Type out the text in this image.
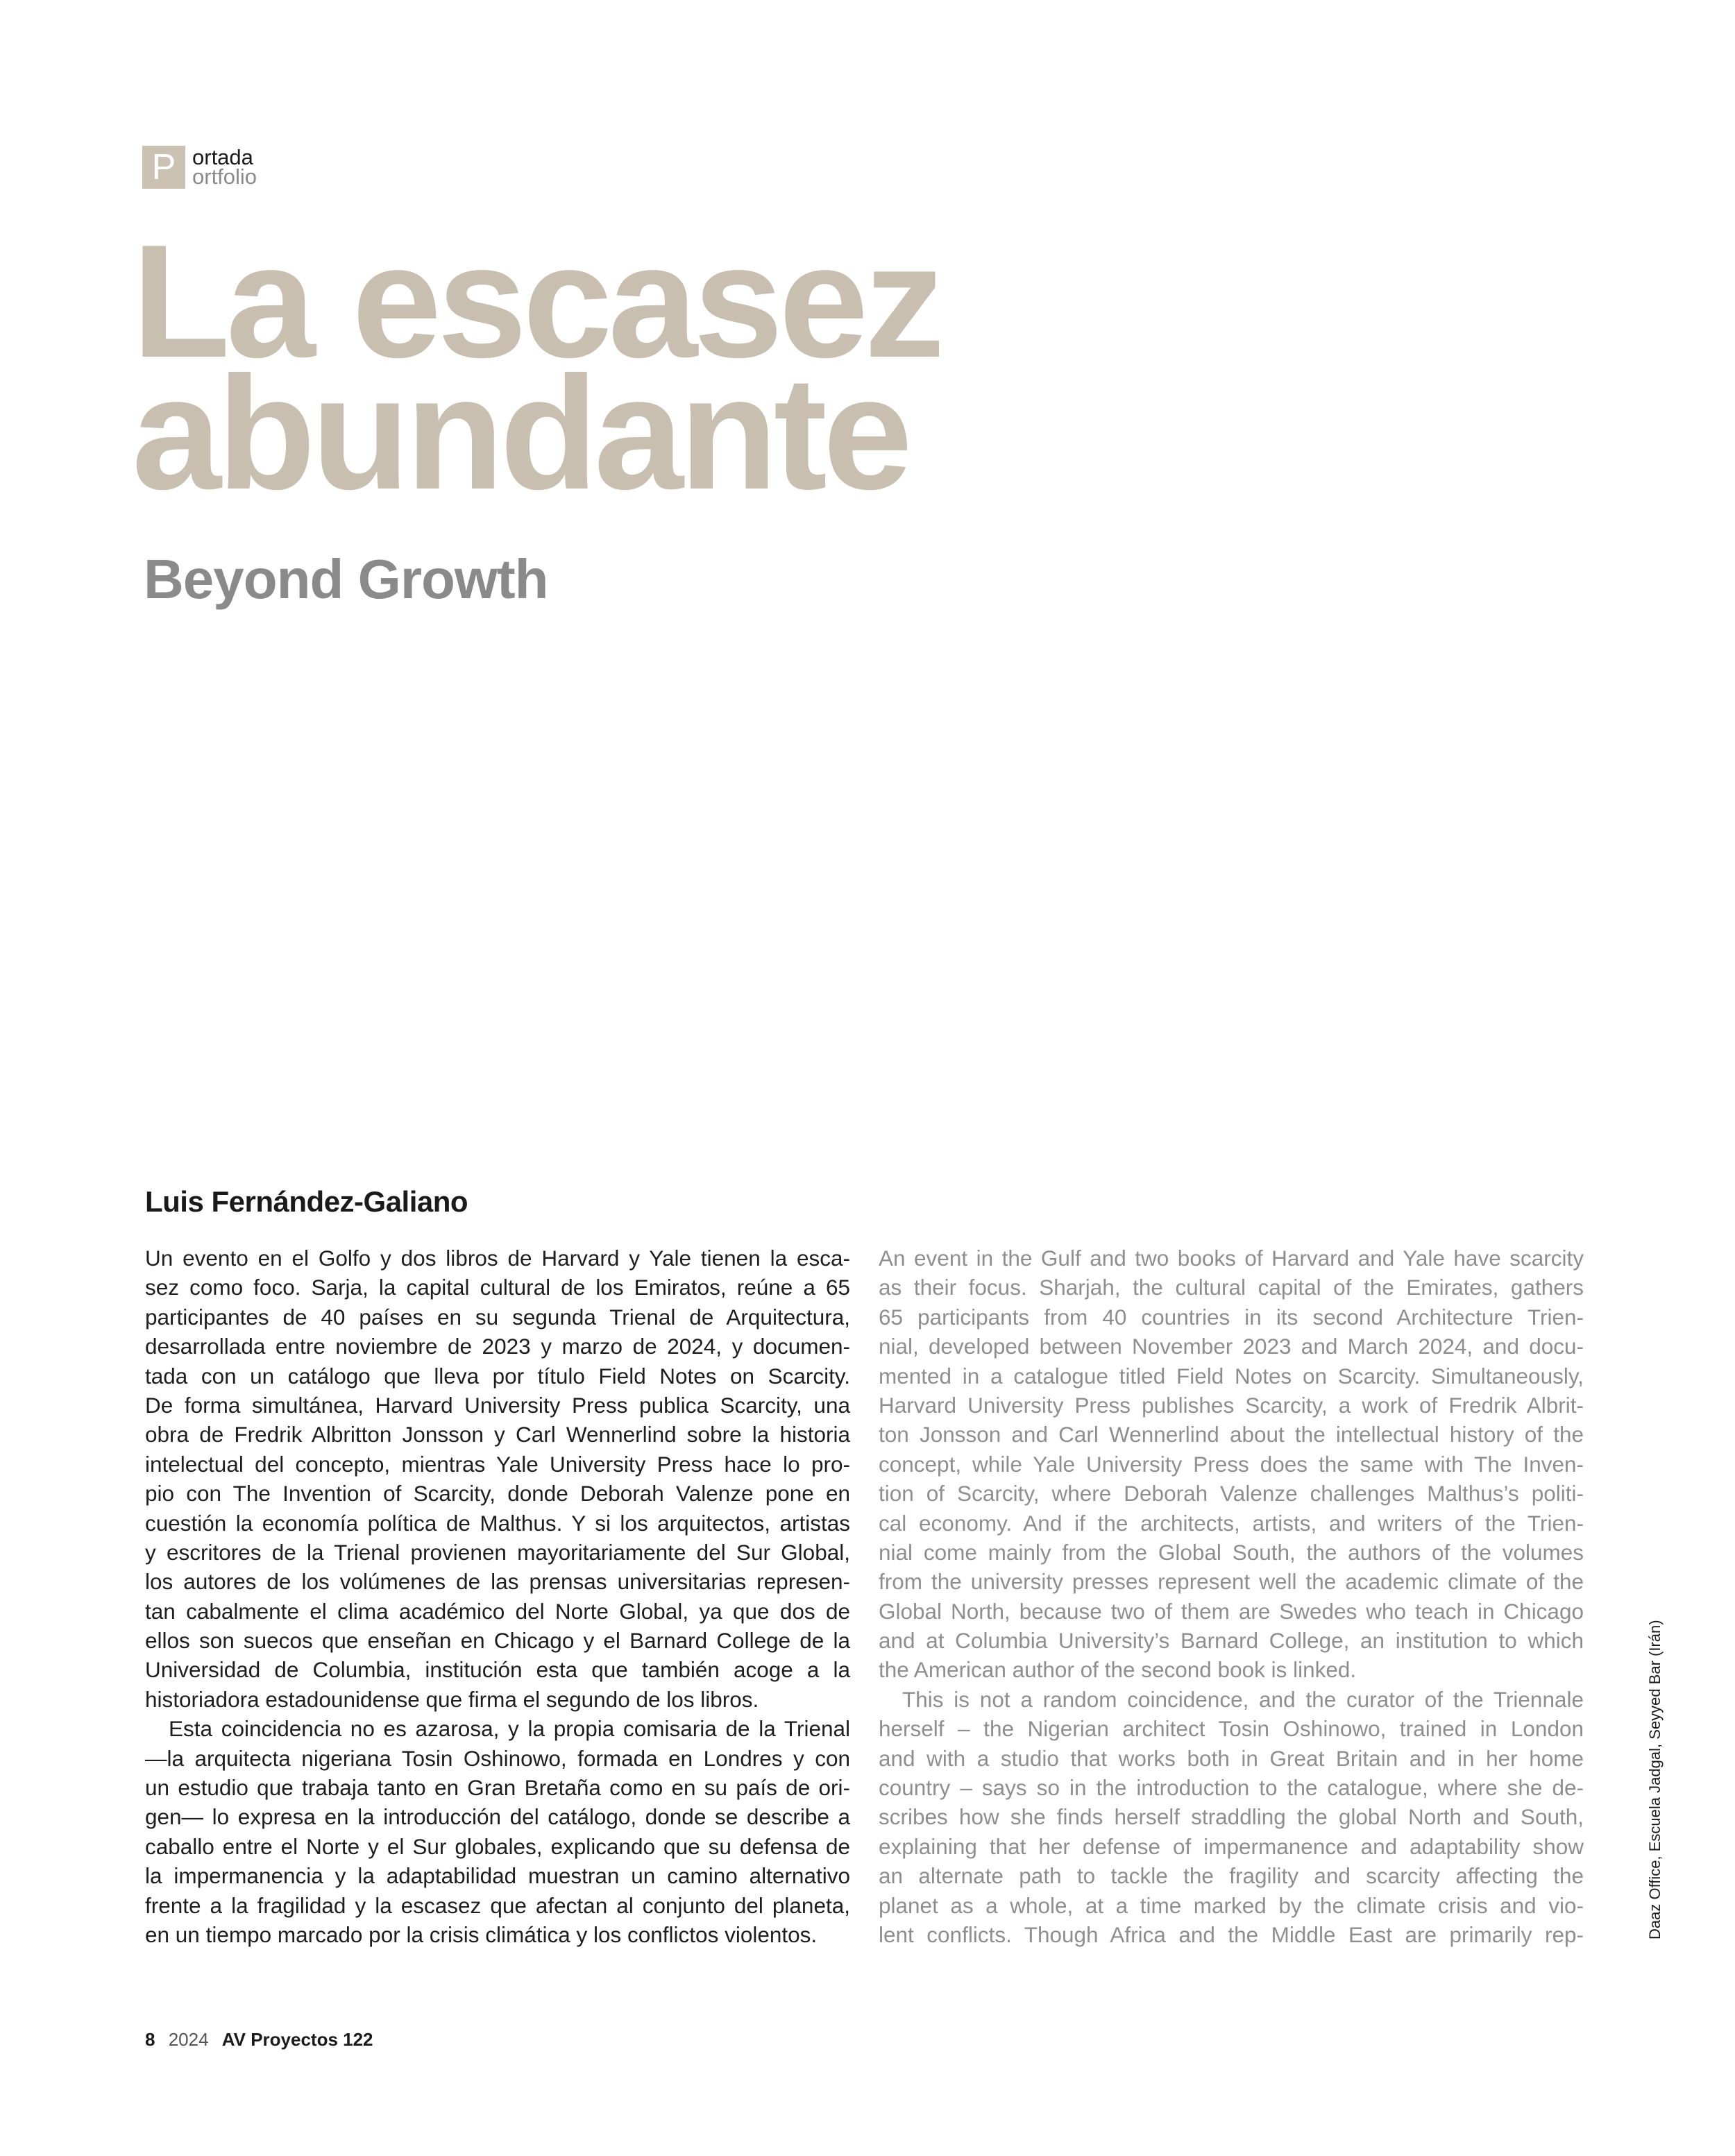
P ortada
ortfolio
La escasez
abundante
Beyond Growth
Luis Fernández-Galiano
Un evento en el Golfo y dos libros de Harvard y Yale tienen la esca-
sez como foco. Sarja, la capital cultural de los Emiratos, reúne a 65
participantes de 40 países en su segunda Trienal de Arquitectura,
desarrollada entre noviembre de 2023 y marzo de 2024, y documen-
tada con un catálogo que lleva por título Field Notes on Scarcity.
De forma simultánea, Harvard University Press publica Scarcity, una
obra de Fredrik Albritton Jonsson y Carl Wennerlind sobre la historia
intelectual del concepto, mientras Yale University Press hace lo pro-
pio con The Invention of Scarcity, donde Deborah Valenze pone en
cuestión la economía política de Malthus. Y si los arquitectos, artistas
y escritores de la Trienal provienen mayoritariamente del Sur Global,
los autores de los volúmenes de las prensas universitarias represen-
tan cabalmente el clima académico del Norte Global, ya que dos de
ellos son suecos que enseñan en Chicago y el Barnard College de la
Universidad de Columbia, institución esta que también acoge a la
historiadora estadounidense que firma el segundo de los libros.
Esta coincidencia no es azarosa, y la propia comisaria de la Trienal
—la arquitecta nigeriana Tosin Oshinowo, formada en Londres y con
un estudio que trabaja tanto en Gran Bretaña como en su país de ori-
gen— lo expresa en la introducción del catálogo, donde se describe a
caballo entre el Norte y el Sur globales, explicando que su defensa de
la impermanencia y la adaptabilidad muestran un camino alternativo
frente a la fragilidad y la escasez que afectan al conjunto del planeta,
en un tiempo marcado por la crisis climática y los conflictos violentos.
An event in the Gulf and two books of Harvard and Yale have scarcity
as their focus. Sharjah, the cultural capital of the Emirates, gathers
65 participants from 40 countries in its second Architecture Trien-
nial, developed between November 2023 and March 2024, and docu-
mented in a catalogue titled Field Notes on Scarcity. Simultaneously,
Harvard University Press publishes Scarcity, a work of Fredrik Albrit-
ton Jonsson and Carl Wennerlind about the intellectual history of the
concept, while Yale University Press does the same with The Inven-
tion of Scarcity, where Deborah Valenze challenges Malthus’s politi-
cal economy. And if the architects, artists, and writers of the Trien-
nial come mainly from the Global South, the authors of the volumes
from the university presses represent well the academic climate of the
Global North, because two of them are Swedes who teach in Chicago
and at Columbia University’s Barnard College, an institution to which
the American author of the second book is linked.
This is not a random coincidence, and the curator of the Triennale
herself – the Nigerian architect Tosin Oshinowo, trained in London
and with a studio that works both in Great Britain and in her home
country – says so in the introduction to the catalogue, where she de-
scribes how she finds herself straddling the global North and South,
explaining that her defense of impermanence and adaptability show
an alternate path to tackle the fragility and scarcity affecting the
planet as a whole, at a time marked by the climate crisis and vio-
lent conflicts. Though Africa and the Middle East are primarily rep-	Daaz Office, Escuela Jadgal, Seyyed Bar (Irán)
8 2024 AV Proyectos 122
